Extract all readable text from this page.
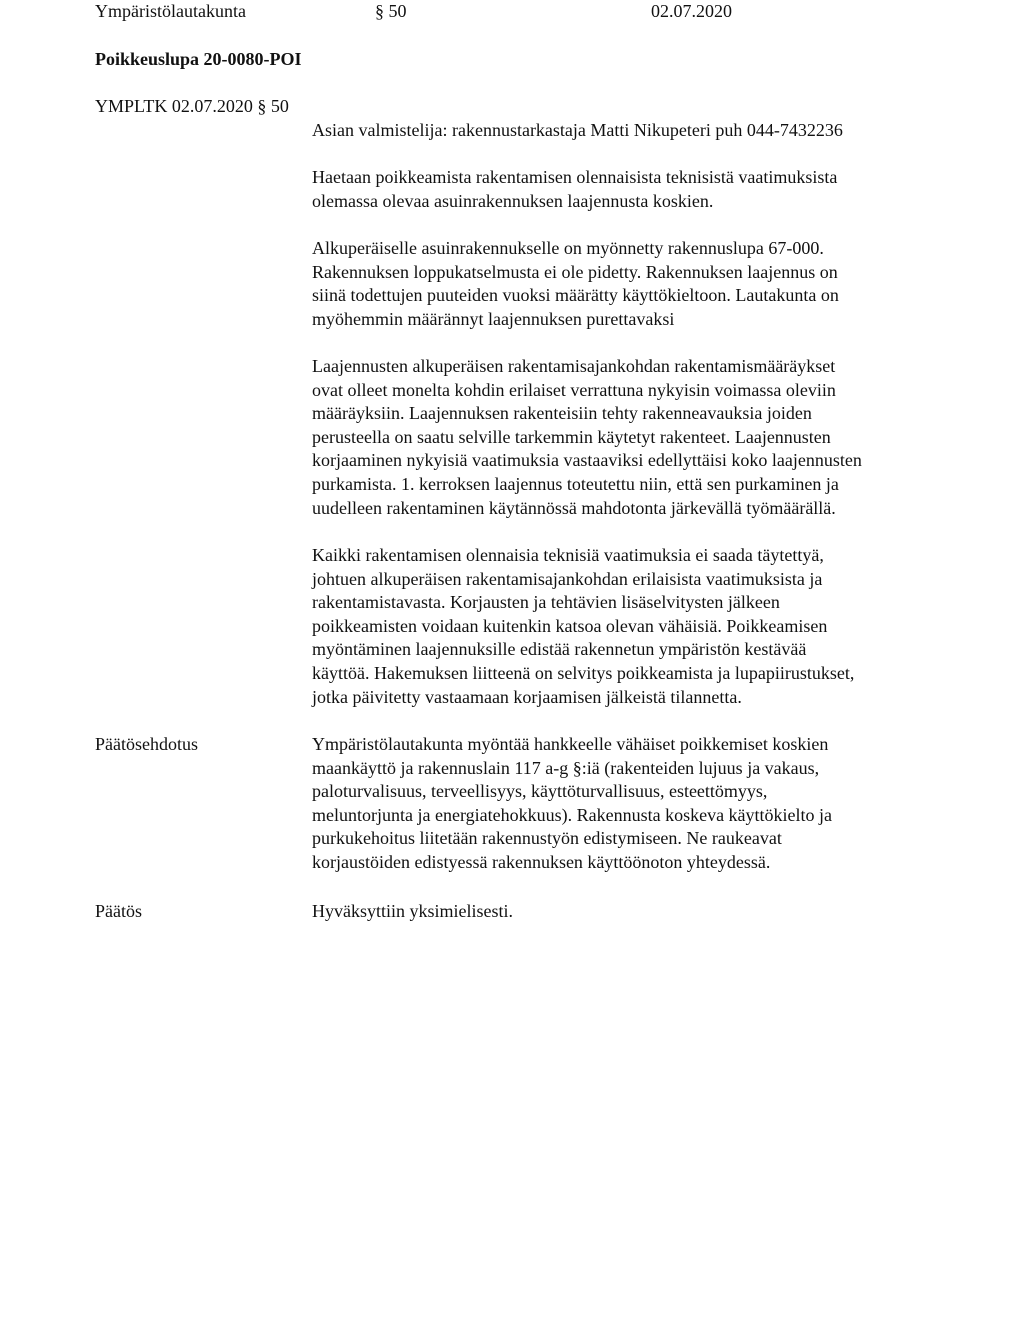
Ympäristölautakunta	§ 50	02.07.2020
Poikkeuslupa 20-0080-POI
YMPLTK 02.07.2020 § 50
Asian valmistelija: rakennustarkastaja Matti Nikupeteri puh 044-7432236
Haetaan poikkeamista rakentamisen olennaisista teknisistä vaatimuksista
olemassa olevaa asuinrakennuksen laajennusta koskien.
Alkuperäiselle asuinrakennukselle on myönnetty rakennuslupa 67-000.
Rakennuksen loppukatselmusta ei ole pidetty. Rakennuksen laajennus on
siinä todettujen puuteiden vuoksi määrätty käyttökieltoon. Lautakunta on
myöhemmin määrännyt laajennuksen purettavaksi
Laajennusten alkuperäisen rakentamisajankohdan rakentamismääräykset
ovat olleet monelta kohdin erilaiset verrattuna nykyisin voimassa oleviin
määräyksiin. Laajennuksen rakenteisiin tehty rakenneavauksia joiden
perusteella on saatu selville tarkemmin käytetyt rakenteet. Laajennusten
korjaaminen nykyisiä vaatimuksia vastaaviksi edellyttäisi koko laajennusten
purkamista. 1. kerroksen laajennus toteutettu niin, että sen purkaminen ja
uudelleen rakentaminen käytännössä mahdotonta järkevällä työmäärällä.
Kaikki rakentamisen olennaisia teknisiä vaatimuksia ei saada täytettyä,
johtuen alkuperäisen rakentamisajankohdan erilaisista vaatimuksista ja
rakentamistavasta. Korjausten ja tehtävien lisäselvitysten jälkeen
poikkeamisten voidaan kuitenkin katsoa olevan vähäisiä. Poikkeamisen
myöntäminen laajennuksille edistää rakennetun ympäristön kestävää
käyttöä. Hakemuksen liitteenä on selvitys poikkeamista ja lupapiirustukset,
jotka päivitetty vastaamaan korjaamisen jälkeistä tilannetta.
Päätösehdotus	Ympäristölautakunta myöntää hankkeelle vähäiset poikkemiset koskien
maankäyttö ja rakennuslain 117 a-g §:iä (rakenteiden lujuus ja vakaus,
paloturvalisuus, terveellisyys, käyttöturvallisuus, esteettömyys,
meluntorjunta ja energiatehokkuus). Rakennusta koskeva käyttökielto ja
purkukehoitus liitetään rakennustyön edistymiseen. Ne raukeavat
korjaustöiden edistyessä rakennuksen käyttöönoton yhteydessä.
Päätös	Hyväksyttiin yksimielisesti.
